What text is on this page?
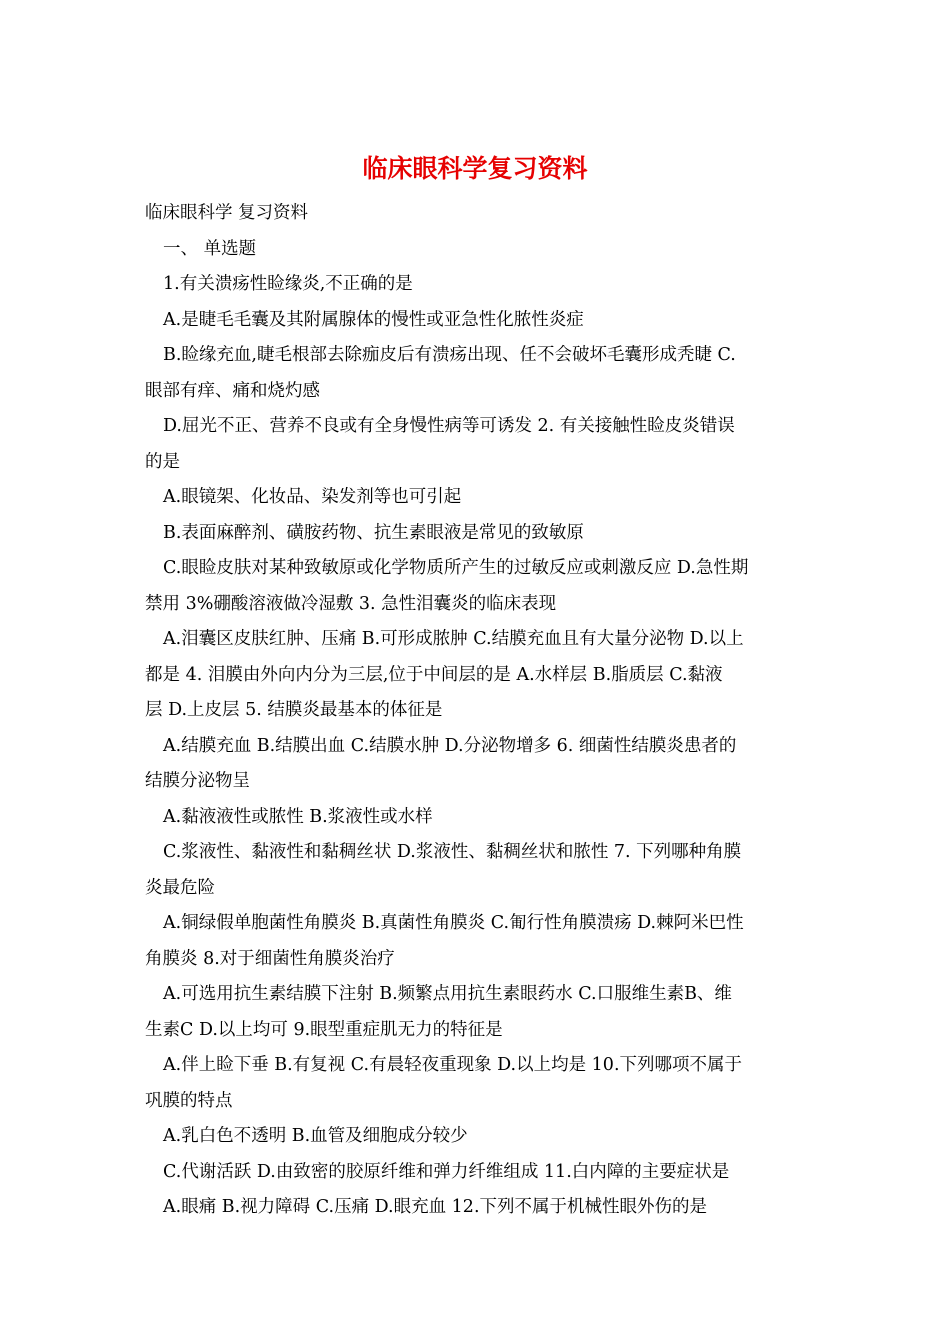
临床眼科学复习资料

临床眼科学 复习资料

一、 单选题

1.有关溃疡性睑缘炎,不正确的是

A.是睫毛毛囊及其附属腺体的慢性或亚急性化脓性炎症

B.睑缘充血,睫毛根部去除痂皮后有溃疡出现、任不会破坏毛囊形成秃睫 C.

眼部有痒、痛和烧灼感

D.屈光不正、营养不良或有全身慢性病等可诱发 2. 有关接触性睑皮炎错误

的是

A.眼镜架、化妆品、染发剂等也可引起

B.表面麻醉剂、磺胺药物、抗生素眼液是常见的致敏原

C.眼睑皮肤对某种致敏原或化学物质所产生的过敏反应或刺激反应 D.急性期

禁用 3%硼酸溶液做冷湿敷 3. 急性泪囊炎的临床表现

A.泪囊区皮肤红肿、压痛 B.可形成脓肿 C.结膜充血且有大量分泌物 D.以上

都是 4. 泪膜由外向内分为三层,位于中间层的是 A.水样层 B.脂质层 C.黏液

层 D.上皮层 5. 结膜炎最基本的体征是

A.结膜充血 B.结膜出血 C.结膜水肿 D.分泌物增多 6. 细菌性结膜炎患者的

结膜分泌物呈

A.黏液液性或脓性 B.浆液性或水样

C.浆液性、黏液性和黏稠丝状 D.浆液性、黏稠丝状和脓性 7. 下列哪种角膜

炎最危险

A.铜绿假单胞菌性角膜炎 B.真菌性角膜炎 C.匍行性角膜溃疡 D.棘阿米巴性

角膜炎 8.对于细菌性角膜炎治疗

A.可选用抗生素结膜下注射 B.频繁点用抗生素眼药水 C.口服维生素B、维

生素C D.以上均可 9.眼型重症肌无力的特征是

A.伴上睑下垂 B.有复视 C.有晨轻夜重现象 D.以上均是 10.下列哪项不属于

巩膜的特点

A.乳白色不透明 B.血管及细胞成分较少

C.代谢活跃 D.由致密的胶原纤维和弹力纤维组成 11.白内障的主要症状是

A.眼痛 B.视力障碍 C.压痛 D.眼充血 12.下列不属于机械性眼外伤的是
